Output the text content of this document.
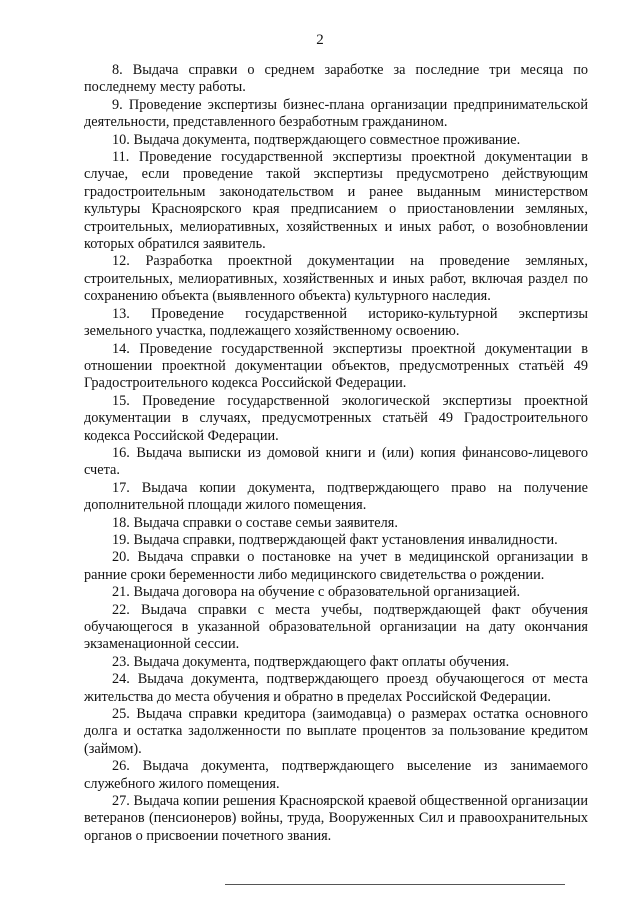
2

8. Выдача справки о среднем заработке за последние три месяца по последнему месту работы.

9. Проведение экспертизы бизнес-плана организации предпринимательской деятельности, представленного безработным гражданином.

10. Выдача документа, подтверждающего совместное проживание.

11. Проведение государственной экспертизы проектной документации в случае, если проведение такой экспертизы предусмотрено действующим градостроительным законодательством и ранее выданным министерством культуры Красноярского края предписанием о приостановлении земляных, строительных, мелиоративных, хозяйственных и иных работ, о возобновлении которых обратился заявитель.

12. Разработка проектной документации на проведение земляных, строительных, мелиоративных, хозяйственных и иных работ, включая раздел по сохранению объекта (выявленного объекта) культурного наследия.

13. Проведение государственной историко-культурной экспертизы земельного участка, подлежащего хозяйственному освоению.

14. Проведение государственной экспертизы проектной документации в отношении проектной документации объектов, предусмотренных статьёй 49 Градостроительного кодекса Российской Федерации.

15. Проведение государственной экологической экспертизы проектной документации в случаях, предусмотренных статьёй 49 Градостроительного кодекса Российской Федерации.

16. Выдача выписки из домовой книги и (или) копия финансово-лицевого счета.

17. Выдача копии документа, подтверждающего право на получение дополнительной площади жилого помещения.

18. Выдача справки о составе семьи заявителя.

19. Выдача справки, подтверждающей факт установления инвалидности.

20. Выдача справки о постановке на учет в медицинской организации в ранние сроки беременности либо медицинского свидетельства о рождении.

21. Выдача договора на обучение с образовательной организацией.

22. Выдача справки с места учебы, подтверждающей факт обучения обучающегося в указанной образовательной организации на дату окончания экзаменационной сессии.

23. Выдача документа, подтверждающего факт оплаты обучения.

24. Выдача документа, подтверждающего проезд обучающегося от места жительства до места обучения и обратно в пределах Российской Федерации.

25. Выдача справки кредитора (заимодавца) о размерах остатка основного долга и остатка задолженности по выплате процентов за пользование кредитом (займом).

26. Выдача документа, подтверждающего выселение из занимаемого служебного жилого помещения.

27. Выдача копии решения Красноярской краевой общественной организации ветеранов (пенсионеров) войны, труда, Вооруженных Сил и правоохранительных органов о присвоении почетного звания.
